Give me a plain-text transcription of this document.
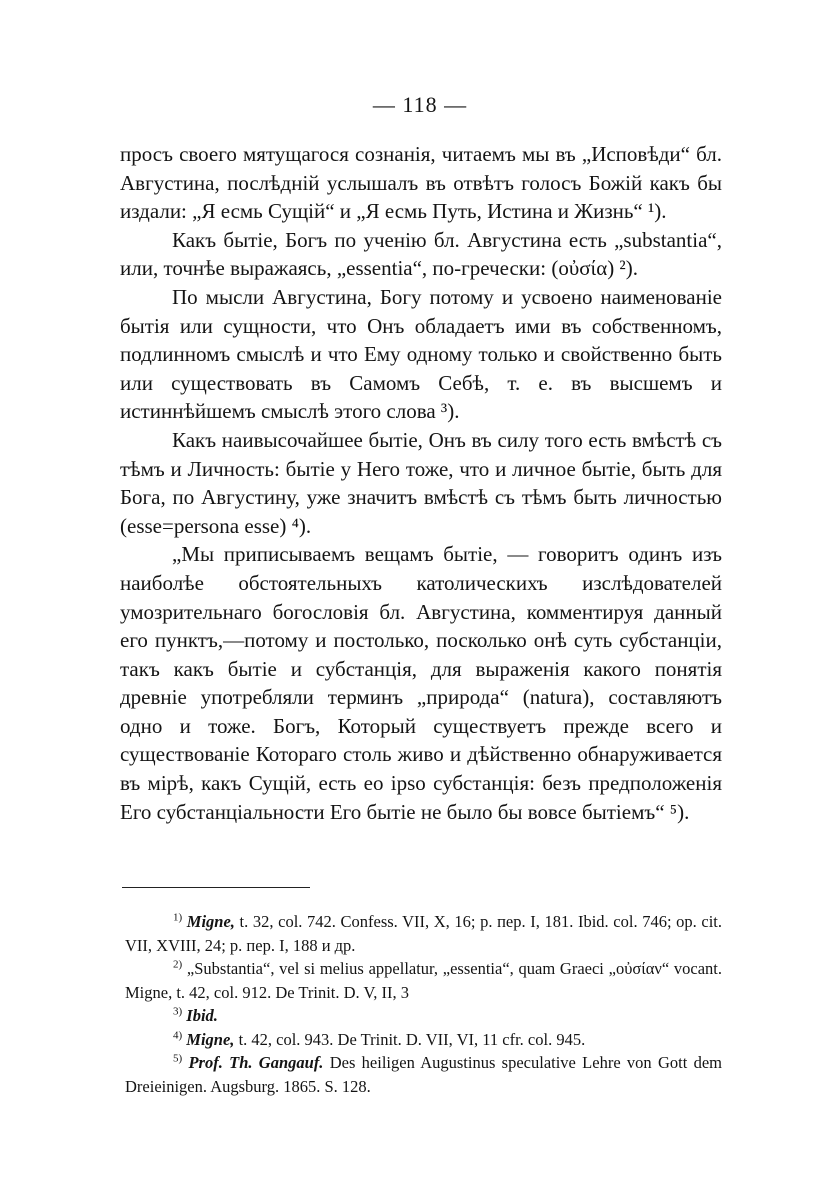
— 118 —

просъ своего мятущагося сознанія, читаемъ мы въ „Исповѣди“ бл. Августина, послѣдній услышалъ въ отвѣтъ голосъ Божій какъ бы издали: „Я есмь Сущій“ и „Я есмь Путь, Истина и Жизнь“ ¹).

Какъ бытіе, Богъ по ученію бл. Августина есть „substantia“, или, точнѣе выражаясь, „essentia“, по-гречески: (οὐσία) ²).

По мысли Августина, Богу потому и усвоено наименованіе бытія или сущности, что Онъ обладаетъ ими въ собственномъ, подлинномъ смыслѣ и что Ему одному только и свойственно быть или существовать въ Самомъ Себѣ, т. е. въ высшемъ и истиннѣйшемъ смыслѣ этого слова ³).

Какъ наивысочайшее бытіе, Онъ въ силу того есть вмѣстѣ съ тѣмъ и Личность: бытіе у Него тоже, что и личное бытіе, быть для Бога, по Августину, уже значитъ вмѣстѣ съ тѣмъ быть личностью (esse=persona esse) ⁴).

„Мы приписываемъ вещамъ бытіе, — говоритъ одинъ изъ наиболѣе обстоятельныхъ католическихъ изслѣдователей умозрительнаго богословія бл. Августина, комментируя данный его пунктъ,—потому и постолько, посколько онѣ суть субстанціи, такъ какъ бытіе и субстанція, для выраженія какого понятія древніе употребляли терминъ „природа“ (natura), составляютъ одно и тоже. Богъ, Который существуетъ прежде всего и существованіе Котораго столь живо и дѣйственно обнаруживается въ мірѣ, какъ Сущій, есть eo ipso субстанція: безъ предположенія Его субстанціальности Его бытіе не было бы вовсе бытіемъ“ ⁵).

$^{1)}$ Migne, t. 32, col. 742. Confess. VII, X, 16; р. пер. I, 181. Ibid. col. 746; op. cit. VII, XVIII, 24; р. пер. I, 188 и др.

$^{2)}$ „Substantia“, vel si melius appellatur, „essentia“, quam Graeci „οὐσίαν“ vocant. Migne, t. 42, col. 912. De Trinit. D. V, II, 3

$^{3)}$ Ibid.

$^{4)}$ Migne, t. 42, col. 943. De Trinit. D. VII, VI, 11 cfr. col. 945.

$^{5)}$ Prof. Th. Gangauf. Des heiligen Augustinus speculative Lehre von Gott dem Dreieinigen. Augsburg. 1865. S. 128.
